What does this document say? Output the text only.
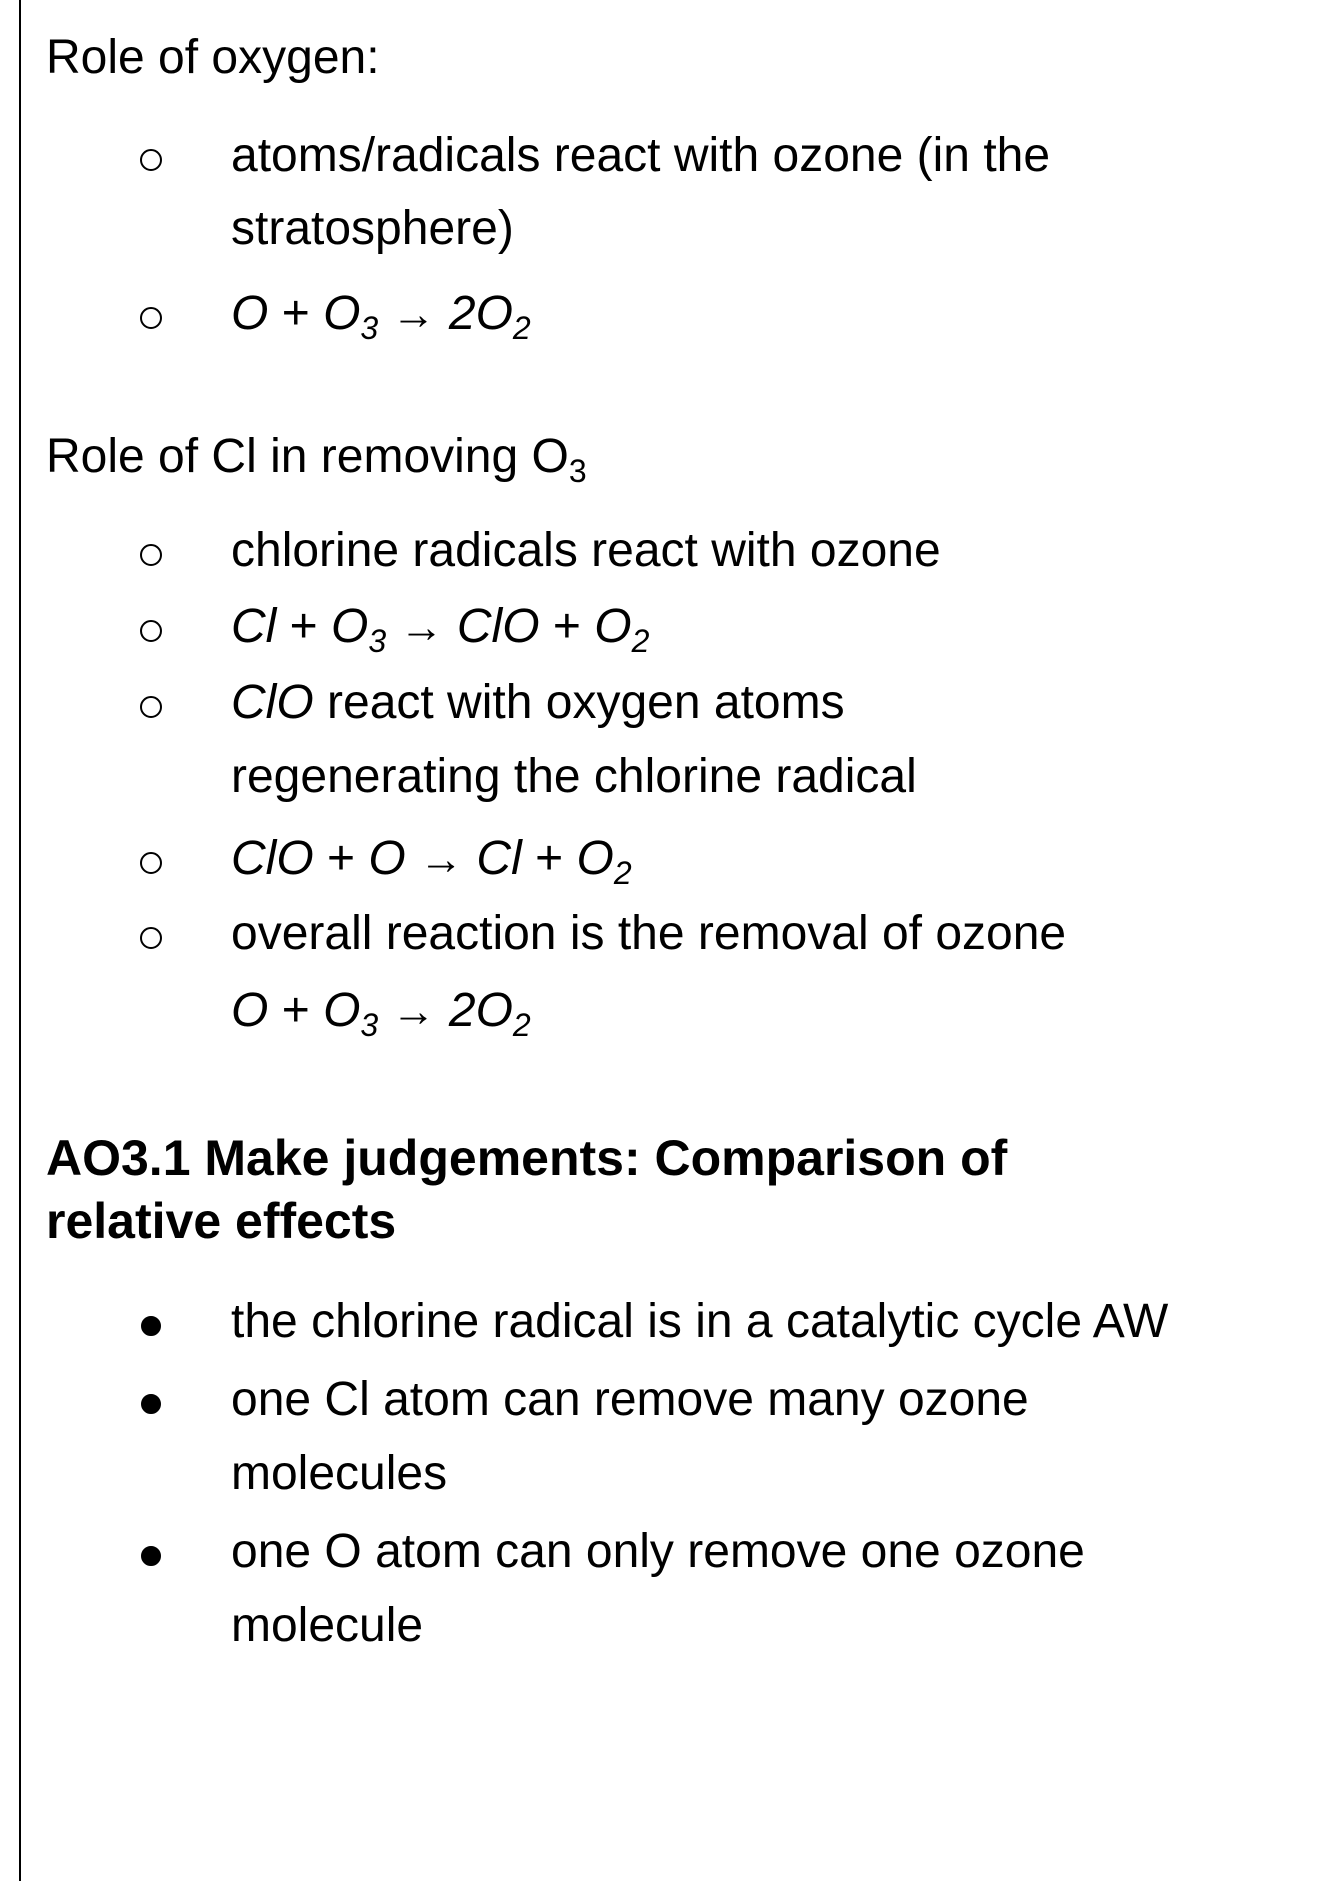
Role of oxygen:
atoms/radicals react with ozone (in the
stratosphere)
$O + O_3 \to 2O_2$
Role of Cl in removing $O_3$
chlorine radicals react with ozone
$Cl + O_3$ → ClO + $O_2$
ClO react with oxygen atoms
regenerating the chlorine radical
ClO + $O \to Cl + O_2$
overall reaction is the removal of ozone
$O + O_3 \to 2O_2$
AO3.1 Make judgements: Comparison of
relative effects
the chlorine radical is in a catalytic cycle AW
one Cl atom can remove many ozone
molecules
one O atom can only remove one ozone
molecule
